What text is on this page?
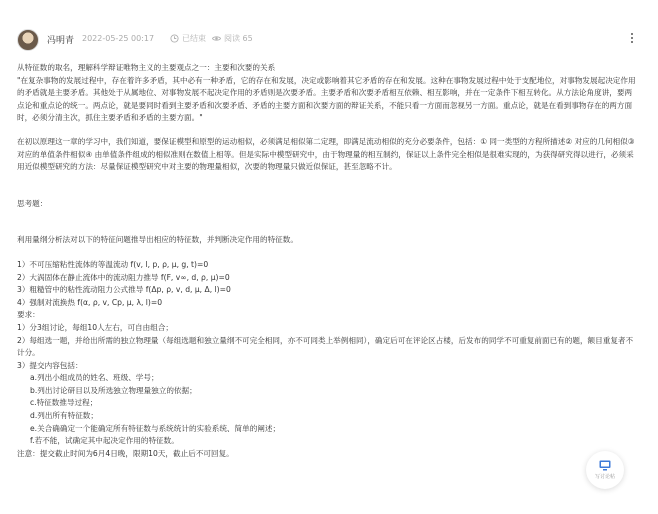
冯明青 2022-05-25 00:17	已结束 阅读 65

从特征数的取名，理解科学辩证唯物主义的主要观点之一：主要和次要的关系

"在复杂事物的发展过程中，存在着许多矛盾，其中必有一种矛盾，它的存在和发展，决定或影响着其它矛盾的存在和发展。这种在事物发展过程中处于支配地位，对事物发展起决定作用的矛盾就是主要矛盾。其他处于从属地位、对事物发展不起决定作用的矛盾则是次要矛盾。主要矛盾和次要矛盾相互依赖、相互影响，并在一定条件下相互转化。从方法论角度讲，要两点论和重点论的统一。两点论，就是要同时看到主要矛盾和次要矛盾、矛盾的主要方面和次要方面的辩证关系，不能只看一方面而忽视另一方面。重点论，就是在看到事物存在的两方面时，必须分清主次，抓住主要矛盾和矛盾的主要方面。"

在初以原理这一章的学习中，我们知道，要保证模型和原型的运动相似，必须满足相似第二定理，即满足流动相似的充分必要条件，包括：① 同一类型的方程所描述② 对应的几何相似③ 对应的单值条件相似④ 由单值条件组成的相似准则在数值上相等。但是实际中模型研究中，由于物理量的相互制约，保证以上条件完全相似是很难实现的，为获得研究得以进行，必须采用近似模型研究的方法：尽量保证模型研究中对主要的物理量相似，次要的物理量只做近似保证，甚至忽略不计。

思考题：

利用量纲分析法对以下的特征问题推导出相应的特征数，并判断决定作用的特征数。

1）不可压缩粘性流体的等温流动 f(v, l, p, ρ, μ, g, t)=0

2）大涡固体在静止流体中的流动阻力推导 f(F, v∞, d, ρ, μ)=0

3）粗糙管中的粘性流动阻力公式推导 f(Δp, ρ, v, d, μ, Δ, l)=0

4）强制对流换热 f(α, ρ, v, Cp, μ, λ, l)=0

要求：

1）分3组讨论，每组10人左右，可自由组合；

2）每组选一题，并给出所需的独立物理量（每组选题和独立量纲不可完全相同，亦不可同类上举例相同），确定后可在评论区占楼，后发布的同学不可重复前面已有的题，额目重复者不计分。

3）提交内容包括：

a.列出小组成员的姓名、班级、学号；

b.列出讨论研目以及所选独立物理量独立的依据；

c.特征数推导过程；

d.列出所有特征数；

e.关合确确定一个能确定所有特征数与系统统计的实验系统、简单的阐述；

f.若不能，试确定其中起决定作用的特征数。

注意：提交截止时间为6月4日晚，限期10天，截止后不可回复。

写讨论帖
